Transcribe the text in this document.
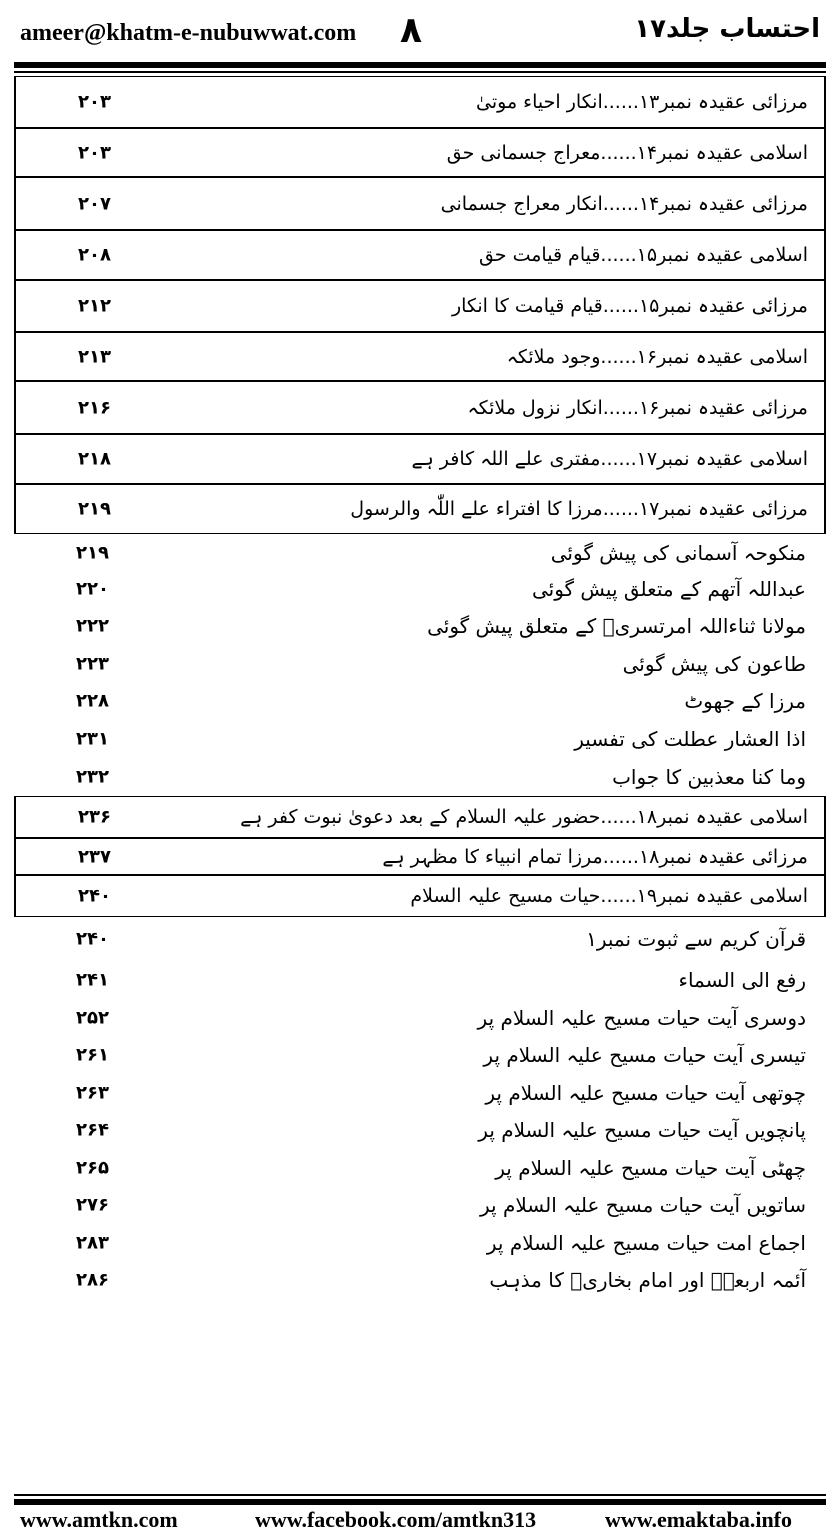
ameer@khatm-e-nubuwwat.com ٨	احتساب جلد۱۷
مرزائی عقیدہ نمبر۱۳......انکار احیاء موتیٰ
۲۰۳
اسلامی عقیدہ نمبر۱۴......معراج جسمانی حق
۲۰۳
مرزائی عقیدہ نمبر۱۴......انکار معراج جسمانی
۲۰۷
اسلامی عقیدہ نمبر۱۵......قیام قیامت حق
۲۰۸
مرزائی عقیدہ نمبر۱۵......قیام قیامت کا انکار
۲۱۲
اسلامی عقیدہ نمبر۱۶......وجود ملائکہ
۲۱۳
مرزائی عقیدہ نمبر۱۶......انکار نزول ملائکہ
۲۱۶
اسلامی عقیدہ نمبر۱۷......مفتری علے اللہ کافر ہے
۲۱۸
مرزائی عقیدہ نمبر۱۷......مرزا کا افتراء علے اللّٰہ والرسول
۲۱۹
منکوحہ آسمانی کی پیش گوئی
۲۱۹
عبداللہ آتھم کے متعلق پیش گوئی
۲۲۰
مولانا ثناءاللہ امرتسریؒ کے متعلق پیش گوئی
۲۲۲
طاعون کی پیش گوئی
۲۲۳
مرزا کے جھوٹ
۲۲۸
اذا العشار عطلت کی تفسیر
۲۳۱
وما کنا معذبین کا جواب
۲۳۲
اسلامی عقیدہ نمبر۱۸......حضور علیہ السلام کے بعد دعویٰ نبوت کفر ہے
۲۳۶
مرزائی عقیدہ نمبر۱۸......مرزا تمام انبیاء کا مظہر ہے
۲۳۷
اسلامی عقیدہ نمبر۱۹......حیات مسیح علیہ السلام
۲۴۰
قرآن کریم سے ثبوت نمبر۱
۲۴۰
رفع الی السماء
۲۴۱
دوسری آیت حیات مسیح علیہ السلام پر
۲۵۲
تیسری آیت حیات مسیح علیہ السلام پر
۲۶۱
چوتھی آیت حیات مسیح علیہ السلام پر
۲۶۳
پانچویں آیت حیات مسیح علیہ السلام پر
۲۶۴
چھٹی آیت حیات مسیح علیہ السلام پر
۲۶۵
ساتویں آیت حیات مسیح علیہ السلام پر
۲۷۶
اجماع امت حیات مسیح علیہ السلام پر
۲۸۳
آئمہ اربعہؒ اور امام بخاریؒ کا مذہب
۲۸۶
www.amtkn.com	www.facebook.com/amtkn313	www.emaktaba.info
